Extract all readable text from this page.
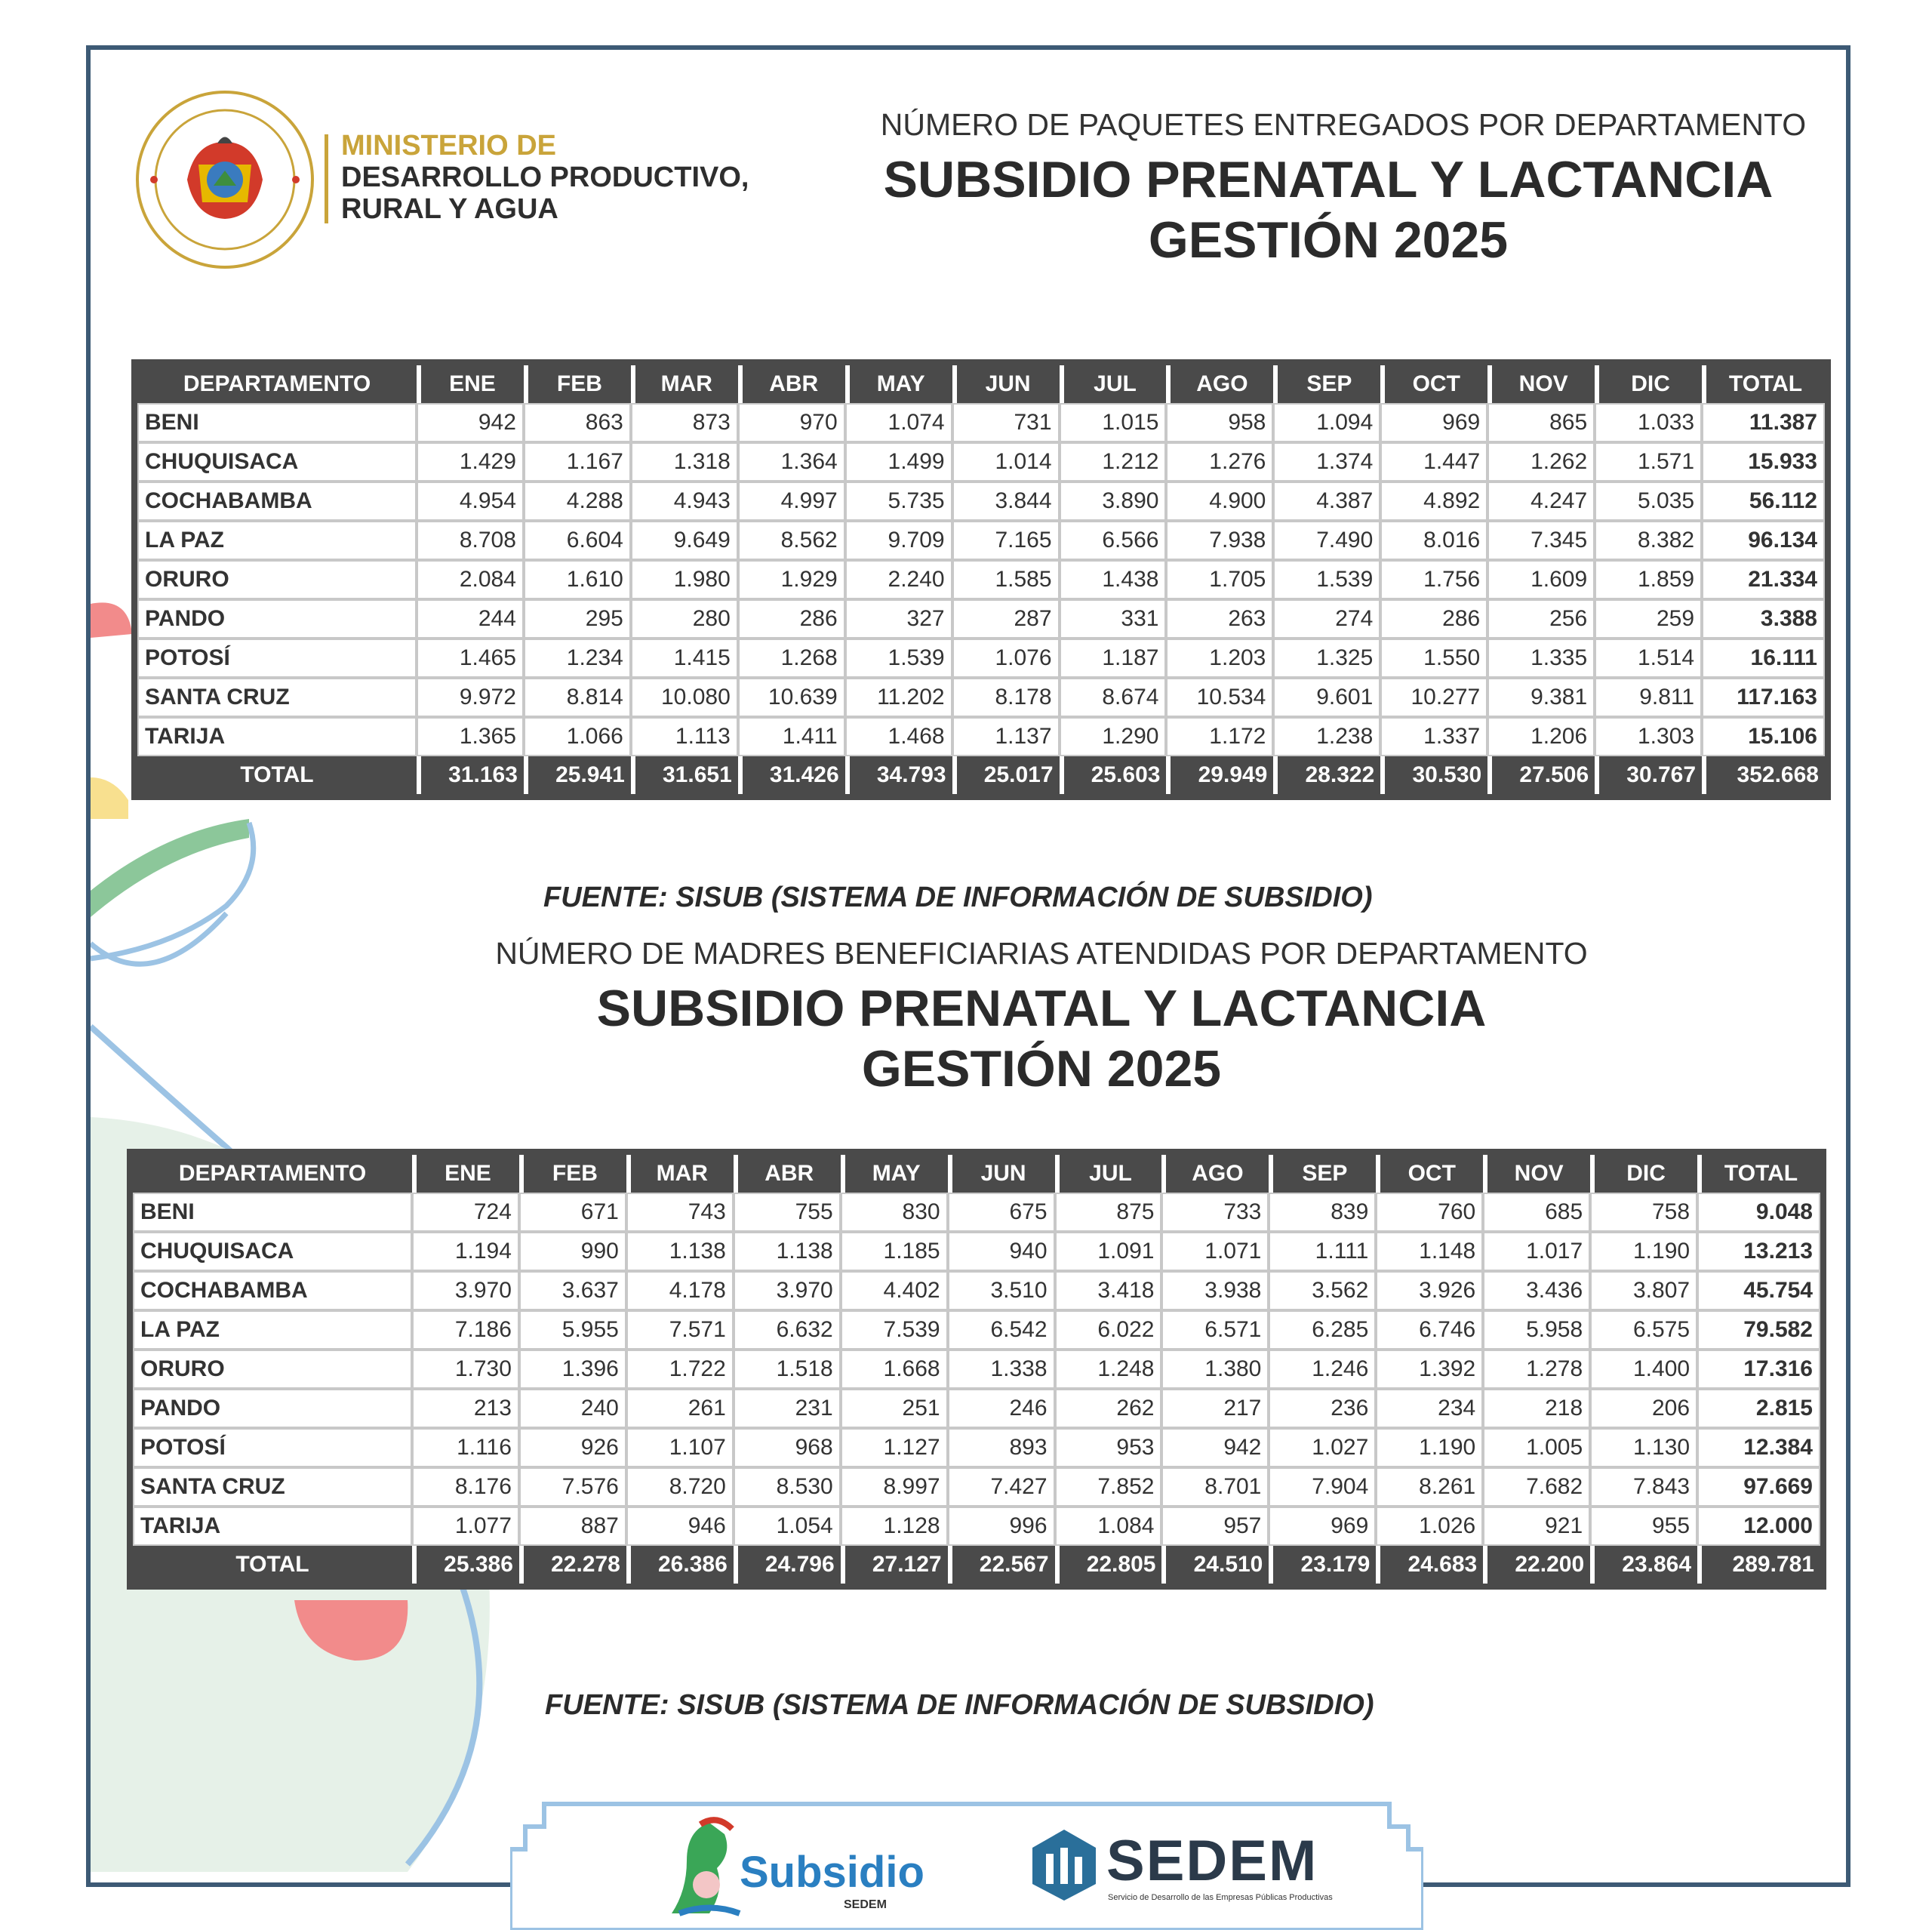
MINISTERIO DE
DESARROLLO PRODUCTIVO,
RURAL Y AGUA
NÚMERO DE PAQUETES ENTREGADOS POR DEPARTAMENTO
SUBSIDIO PRENATAL Y LACTANCIA
GESTIÓN 2025
DEPARTAMENTO	ENE	FEB	MAR	ABR	MAY	JUN	JUL	AGO	SEP	OCT	NOV	DIC	TOTAL
BENI	942	863	873	970	1.074	731	1.015	958	1.094	969	865	1.033	11.387
CHUQUISACA	1.429	1.167	1.318	1.364	1.499	1.014	1.212	1.276	1.374	1.447	1.262	1.571	15.933
COCHABAMBA	4.954	4.288	4.943	4.997	5.735	3.844	3.890	4.900	4.387	4.892	4.247	5.035	56.112
LA PAZ	8.708	6.604	9.649	8.562	9.709	7.165	6.566	7.938	7.490	8.016	7.345	8.382	96.134
ORURO	2.084	1.610	1.980	1.929	2.240	1.585	1.438	1.705	1.539	1.756	1.609	1.859	21.334
PANDO	244	295	280	286	327	287	331	263	274	286	256	259	3.388
POTOSÍ	1.465	1.234	1.415	1.268	1.539	1.076	1.187	1.203	1.325	1.550	1.335	1.514	16.111
SANTA CRUZ	9.972	8.814	10.080	10.639	11.202	8.178	8.674	10.534	9.601	10.277	9.381	9.811	117.163
TARIJA	1.365	1.066	1.113	1.411	1.468	1.137	1.290	1.172	1.238	1.337	1.206	1.303	15.106
TOTAL	31.163	25.941	31.651	31.426	34.793	25.017	25.603	29.949	28.322	30.530	27.506	30.767	352.668
FUENTE: SISUB (SISTEMA DE INFORMACIÓN DE SUBSIDIO)
NÚMERO DE MADRES BENEFICIARIAS ATENDIDAS POR DEPARTAMENTO
SUBSIDIO PRENATAL Y LACTANCIA
GESTIÓN 2025
DEPARTAMENTO	ENE	FEB	MAR	ABR	MAY	JUN	JUL	AGO	SEP	OCT	NOV	DIC	TOTAL
BENI	724	671	743	755	830	675	875	733	839	760	685	758	9.048
CHUQUISACA	1.194	990	1.138	1.138	1.185	940	1.091	1.071	1.111	1.148	1.017	1.190	13.213
COCHABAMBA	3.970	3.637	4.178	3.970	4.402	3.510	3.418	3.938	3.562	3.926	3.436	3.807	45.754
LA PAZ	7.186	5.955	7.571	6.632	7.539	6.542	6.022	6.571	6.285	6.746	5.958	6.575	79.582
ORURO	1.730	1.396	1.722	1.518	1.668	1.338	1.248	1.380	1.246	1.392	1.278	1.400	17.316
PANDO	213	240	261	231	251	246	262	217	236	234	218	206	2.815
POTOSÍ	1.116	926	1.107	968	1.127	893	953	942	1.027	1.190	1.005	1.130	12.384
SANTA CRUZ	8.176	7.576	8.720	8.530	8.997	7.427	7.852	8.701	7.904	8.261	7.682	7.843	97.669
TARIJA	1.077	887	946	1.054	1.128	996	1.084	957	969	1.026	921	955	12.000
TOTAL	25.386	22.278	26.386	24.796	27.127	22.567	22.805	24.510	23.179	24.683	22.200	23.864	289.781
FUENTE: SISUB (SISTEMA DE INFORMACIÓN DE SUBSIDIO)
Subsidio
SEDEM
SEDEM
Servicio de Desarrollo de las Empresas Públicas Productivas
